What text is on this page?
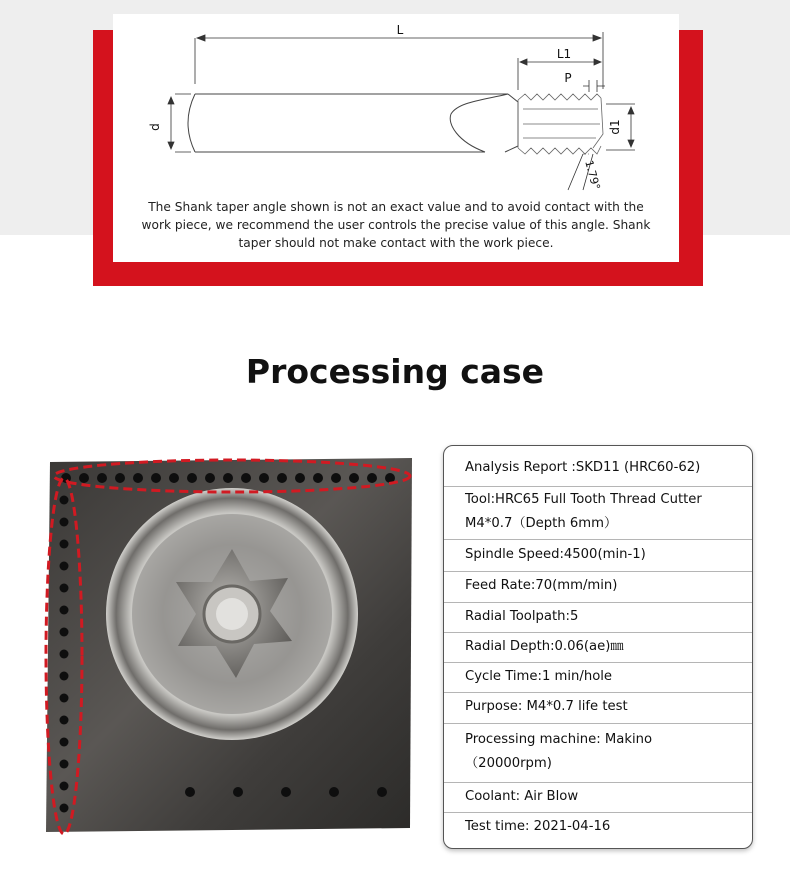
L
L1
P
d	d1
1.79°
The Shank taper angle shown is not an exact value and to avoid contact with the work piece, we recommend the user controls the precise value of this angle. Shank taper should not make contact with the work piece.
Processing case
Analysis Report :SKD11 (HRC60-62)
Tool:HRC65 Full Tooth Thread Cutter M4*0.7（Depth 6mm）
Spindle Speed:4500(min-1)
Feed Rate:70(mm/min)
Radial Toolpath:5
Radial Depth:0.06(ae)㎜
Cycle Time:1 min/hole
Purpose: M4*0.7 life test
Processing machine: Makino （20000rpm)
Coolant: Air Blow
Test time: 2021-04-16
